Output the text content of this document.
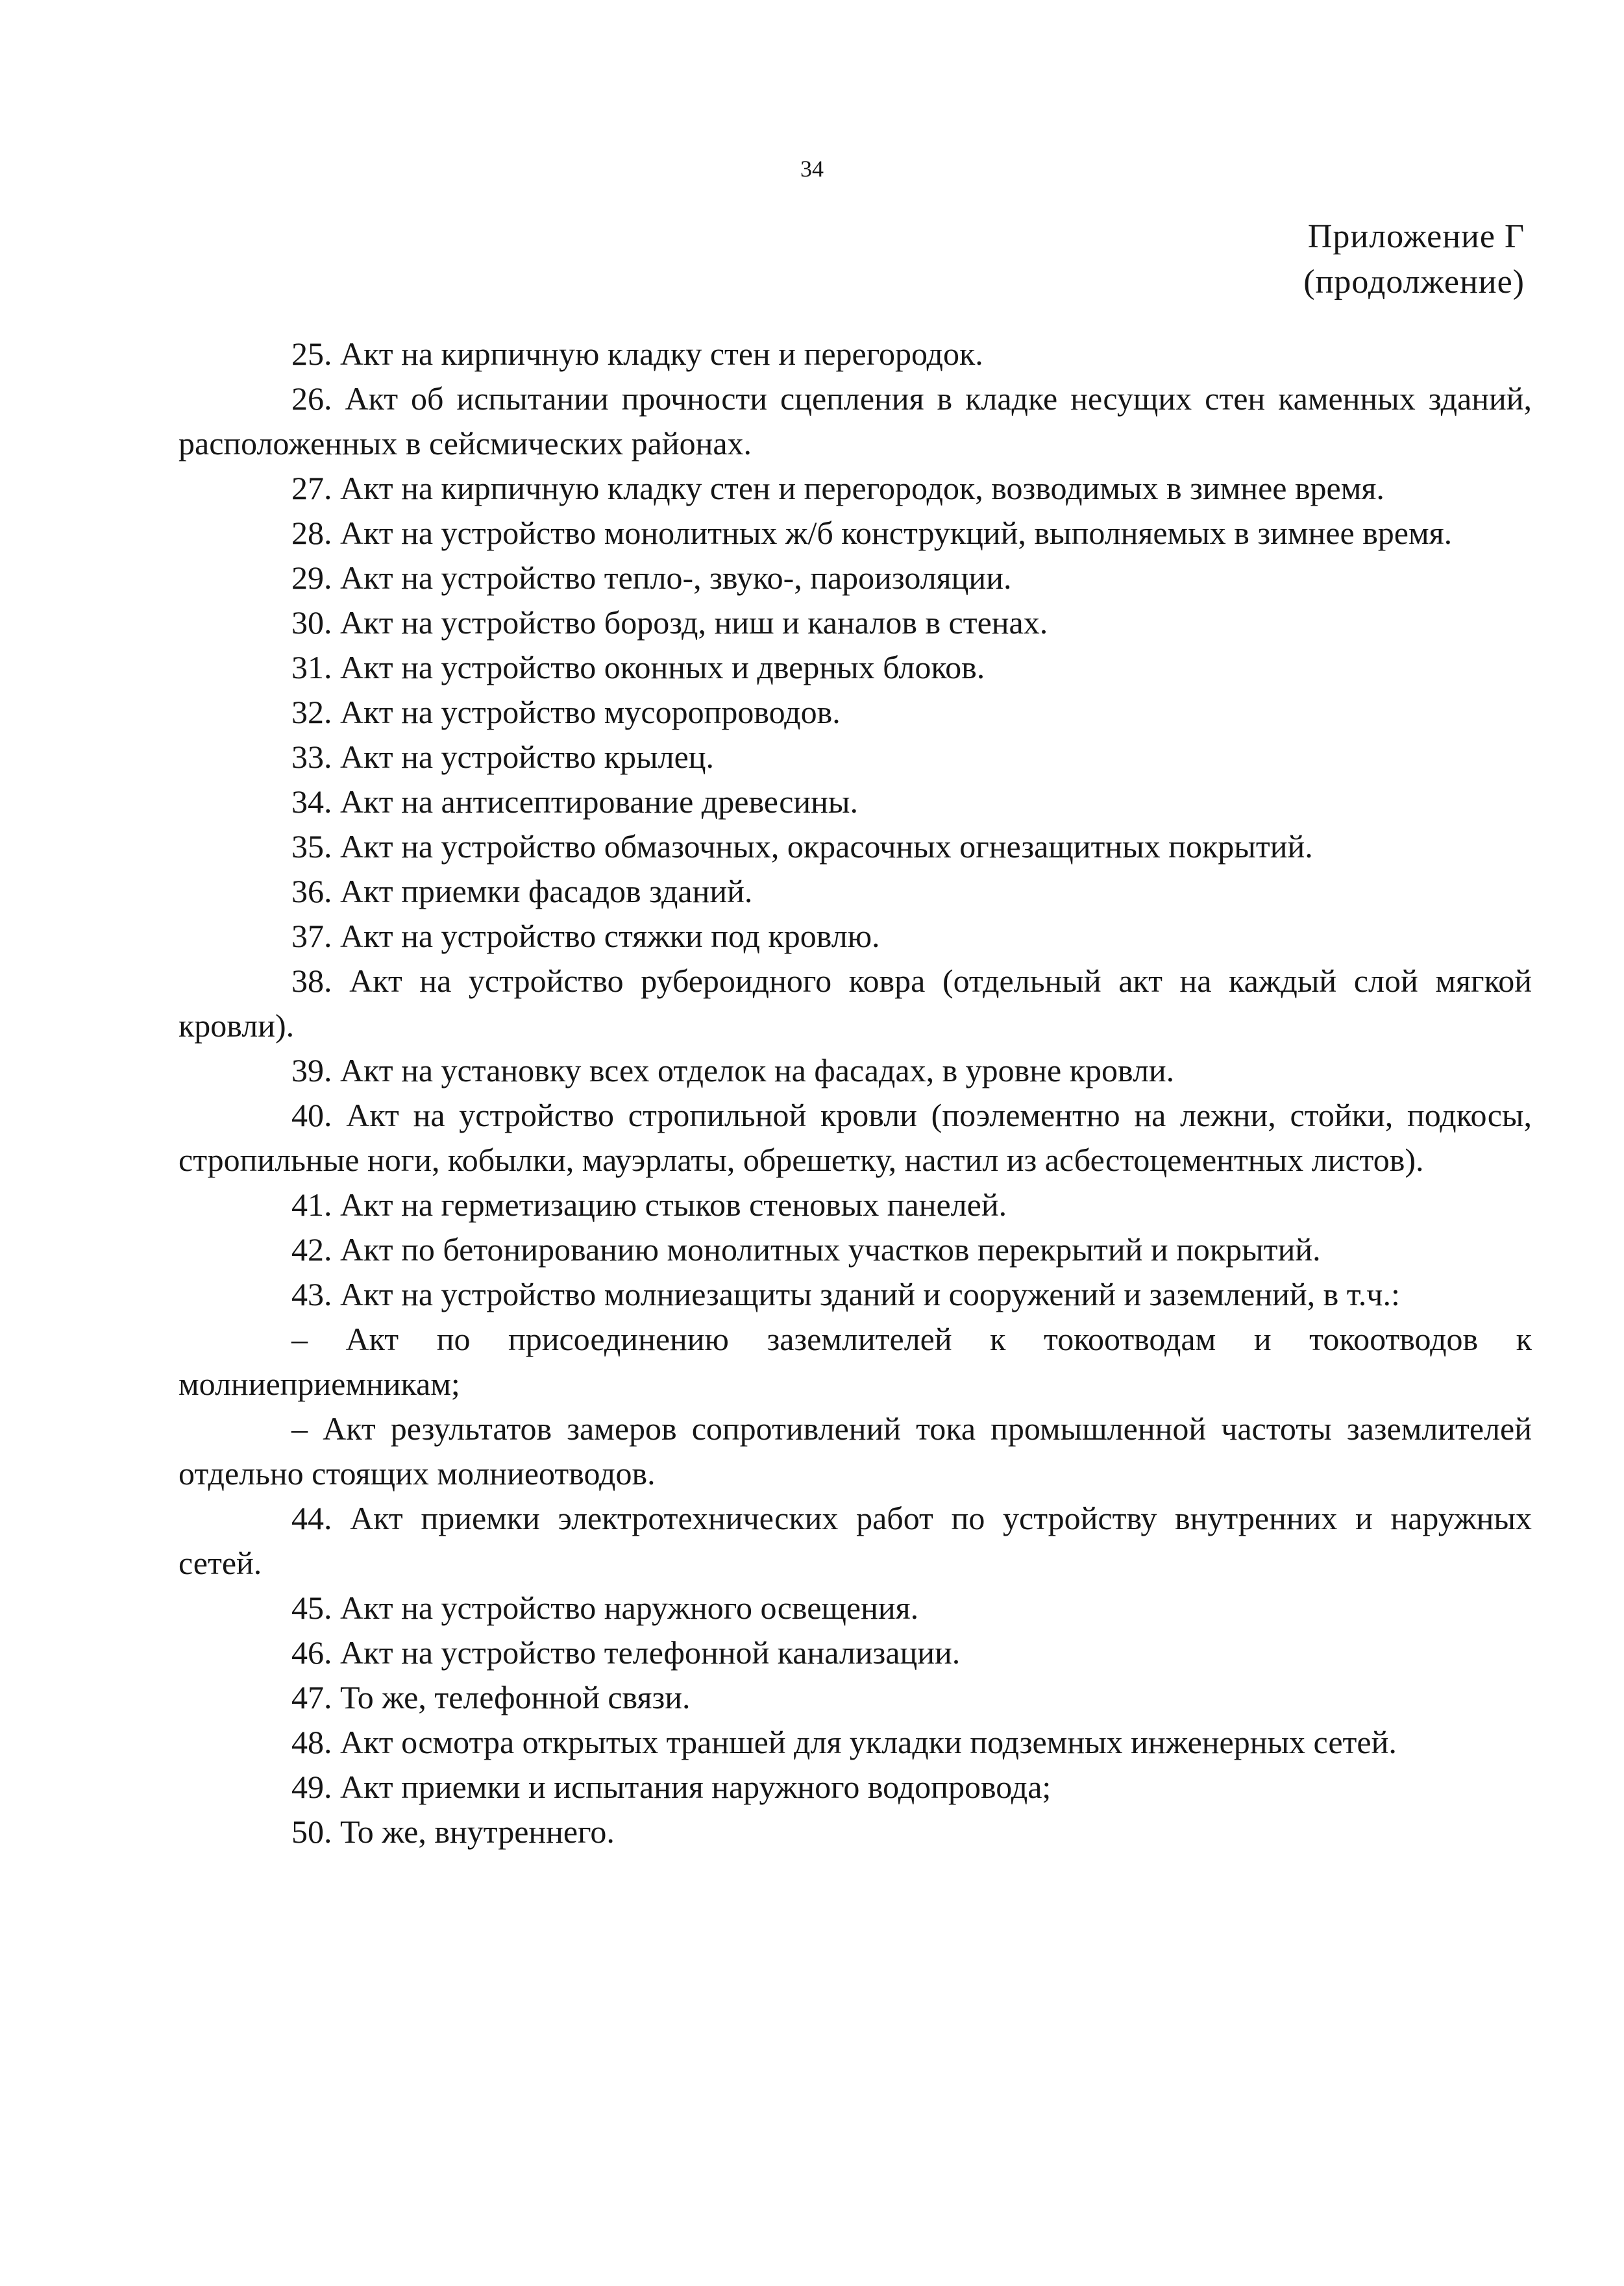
34
Приложение Г
(продолжение)
25. Акт на кирпичную кладку стен и перегородок.
26. Акт об испытании прочности сцепления в кладке несущих стен каменных зданий, расположенных в сейсмических районах.
27. Акт на кирпичную кладку стен и перегородок, возводимых в зимнее время.
28. Акт на устройство монолитных ж/б конструкций, выполняемых в зимнее время.
29. Акт на устройство тепло-, звуко-, пароизоляции.
30. Акт на устройство борозд, ниш и каналов в стенах.
31. Акт на устройство оконных и дверных блоков.
32. Акт на устройство мусоропроводов.
33. Акт на устройство крылец.
34. Акт на антисептирование древесины.
35. Акт на устройство обмазочных, окрасочных огнезащитных покрытий.
36. Акт приемки фасадов зданий.
37. Акт на устройство стяжки под кровлю.
38. Акт на устройство рубероидного ковра (отдельный акт на каждый слой мягкой кровли).
39. Акт на установку всех отделок на фасадах, в уровне кровли.
40. Акт на устройство стропильной кровли (поэлементно на лежни, стойки, подкосы, стропильные ноги, кобылки, мауэрлаты, обрешетку, настил из асбестоцементных листов).
41. Акт на герметизацию стыков стеновых панелей.
42. Акт по бетонированию монолитных участков перекрытий и покрытий.
43. Акт на устройство молниезащиты зданий и сооружений и заземлений, в т.ч.:
– Акт по присоединению заземлителей к токоотводам и токоотводов к молниеприемникам;
– Акт результатов замеров сопротивлений тока промышленной частоты заземлителей отдельно стоящих молниеотводов.
44. Акт приемки электротехнических работ по устройству внутренних и наружных сетей.
45. Акт на устройство наружного освещения.
46. Акт на устройство телефонной канализации.
47. То же, телефонной связи.
48. Акт осмотра открытых траншей для укладки подземных инженерных сетей.
49. Акт приемки и испытания наружного водопровода;
50. То же, внутреннего.
